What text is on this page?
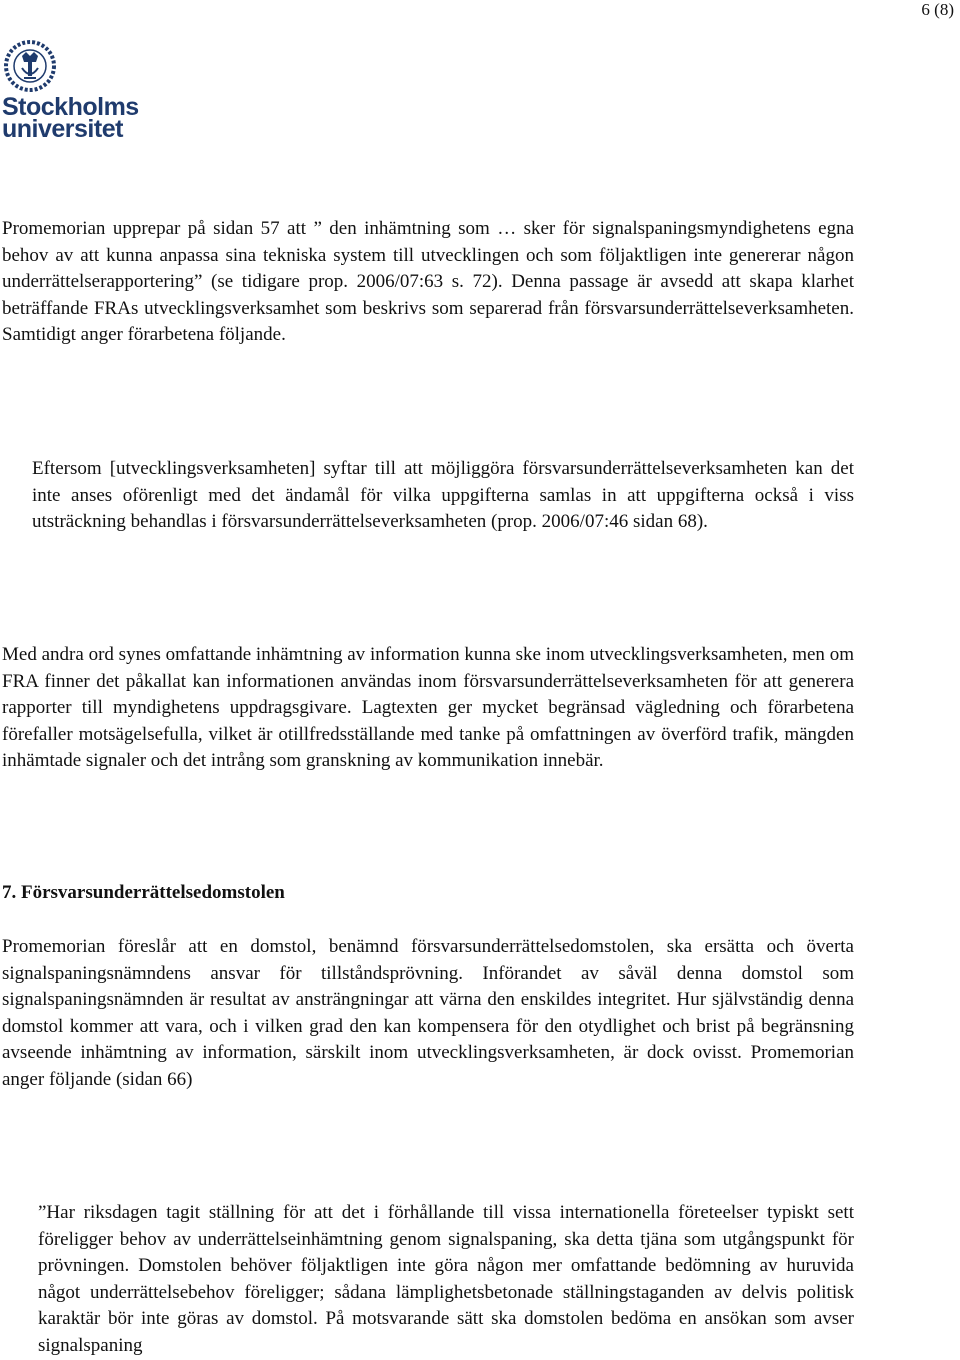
6 (8)
Stockholms
universitet

Promemorian upprepar på sidan 57 att ” den inhämtning som … sker för signalspaningsmyndighetens egna behov av att kunna anpassa sina tekniska system till utvecklingen och som följaktligen inte genererar någon underrättelserapportering” (se tidigare prop. 2006/07:63 s. 72). Denna passage är avsedd att skapa klarhet beträffande FRAs utvecklingsverksamhet som beskrivs som separerad från försvarsunderrättelseverksamheten. Samtidigt anger förarbetena följande.

Eftersom [utvecklingsverksamheten] syftar till att möjliggöra försvarsunderrättelseverksamheten kan det inte anses oförenligt med det ändamål för vilka uppgifterna samlas in att uppgifterna också i viss utsträckning behandlas i försvarsunderrättelseverksamheten (prop. 2006/07:46 sidan 68).

Med andra ord synes omfattande inhämtning av information kunna ske inom utvecklingsverksamheten, men om FRA finner det påkallat kan informationen användas inom försvarsunderrättelseverksamheten för att generera rapporter till myndighetens uppdragsgivare. Lagtexten ger mycket begränsad vägledning och förarbetena förefaller motsägelsefulla, vilket är otillfredsställande med tanke på omfattningen av överförd trafik, mängden inhämtade signaler och det intrång som granskning av kommunikation innebär.

7. Försvarsunderrättelsedomstolen

Promemorian föreslår att en domstol, benämnd försvarsunderrättelsedomstolen, ska ersätta och överta signalspaningsnämndens ansvar för tillståndsprövning. Införandet av såväl denna domstol som signalspaningsnämnden är resultat av ansträngningar att värna den enskildes integritet. Hur självständig denna domstol kommer att vara, och i vilken grad den kan kompensera för den otydlighet och brist på begränsning avseende inhämtning av information, särskilt inom utvecklingsverksamheten, är dock ovisst. Promemorian anger följande (sidan 66)

”Har riksdagen tagit ställning för att det i förhållande till vissa internationella företeelser typiskt sett föreligger behov av underrättelseinhämtning genom signalspaning, ska detta tjäna som utgångspunkt för prövningen. Domstolen behöver följaktligen inte göra någon mer omfattande bedömning av huruvida något underrättelsebehov föreligger; sådana lämplighetsbetonade ställningstaganden av delvis politisk karaktär bör inte göras av domstol. På motsvarande sätt ska domstolen bedöma en ansökan som avser signalspaning
